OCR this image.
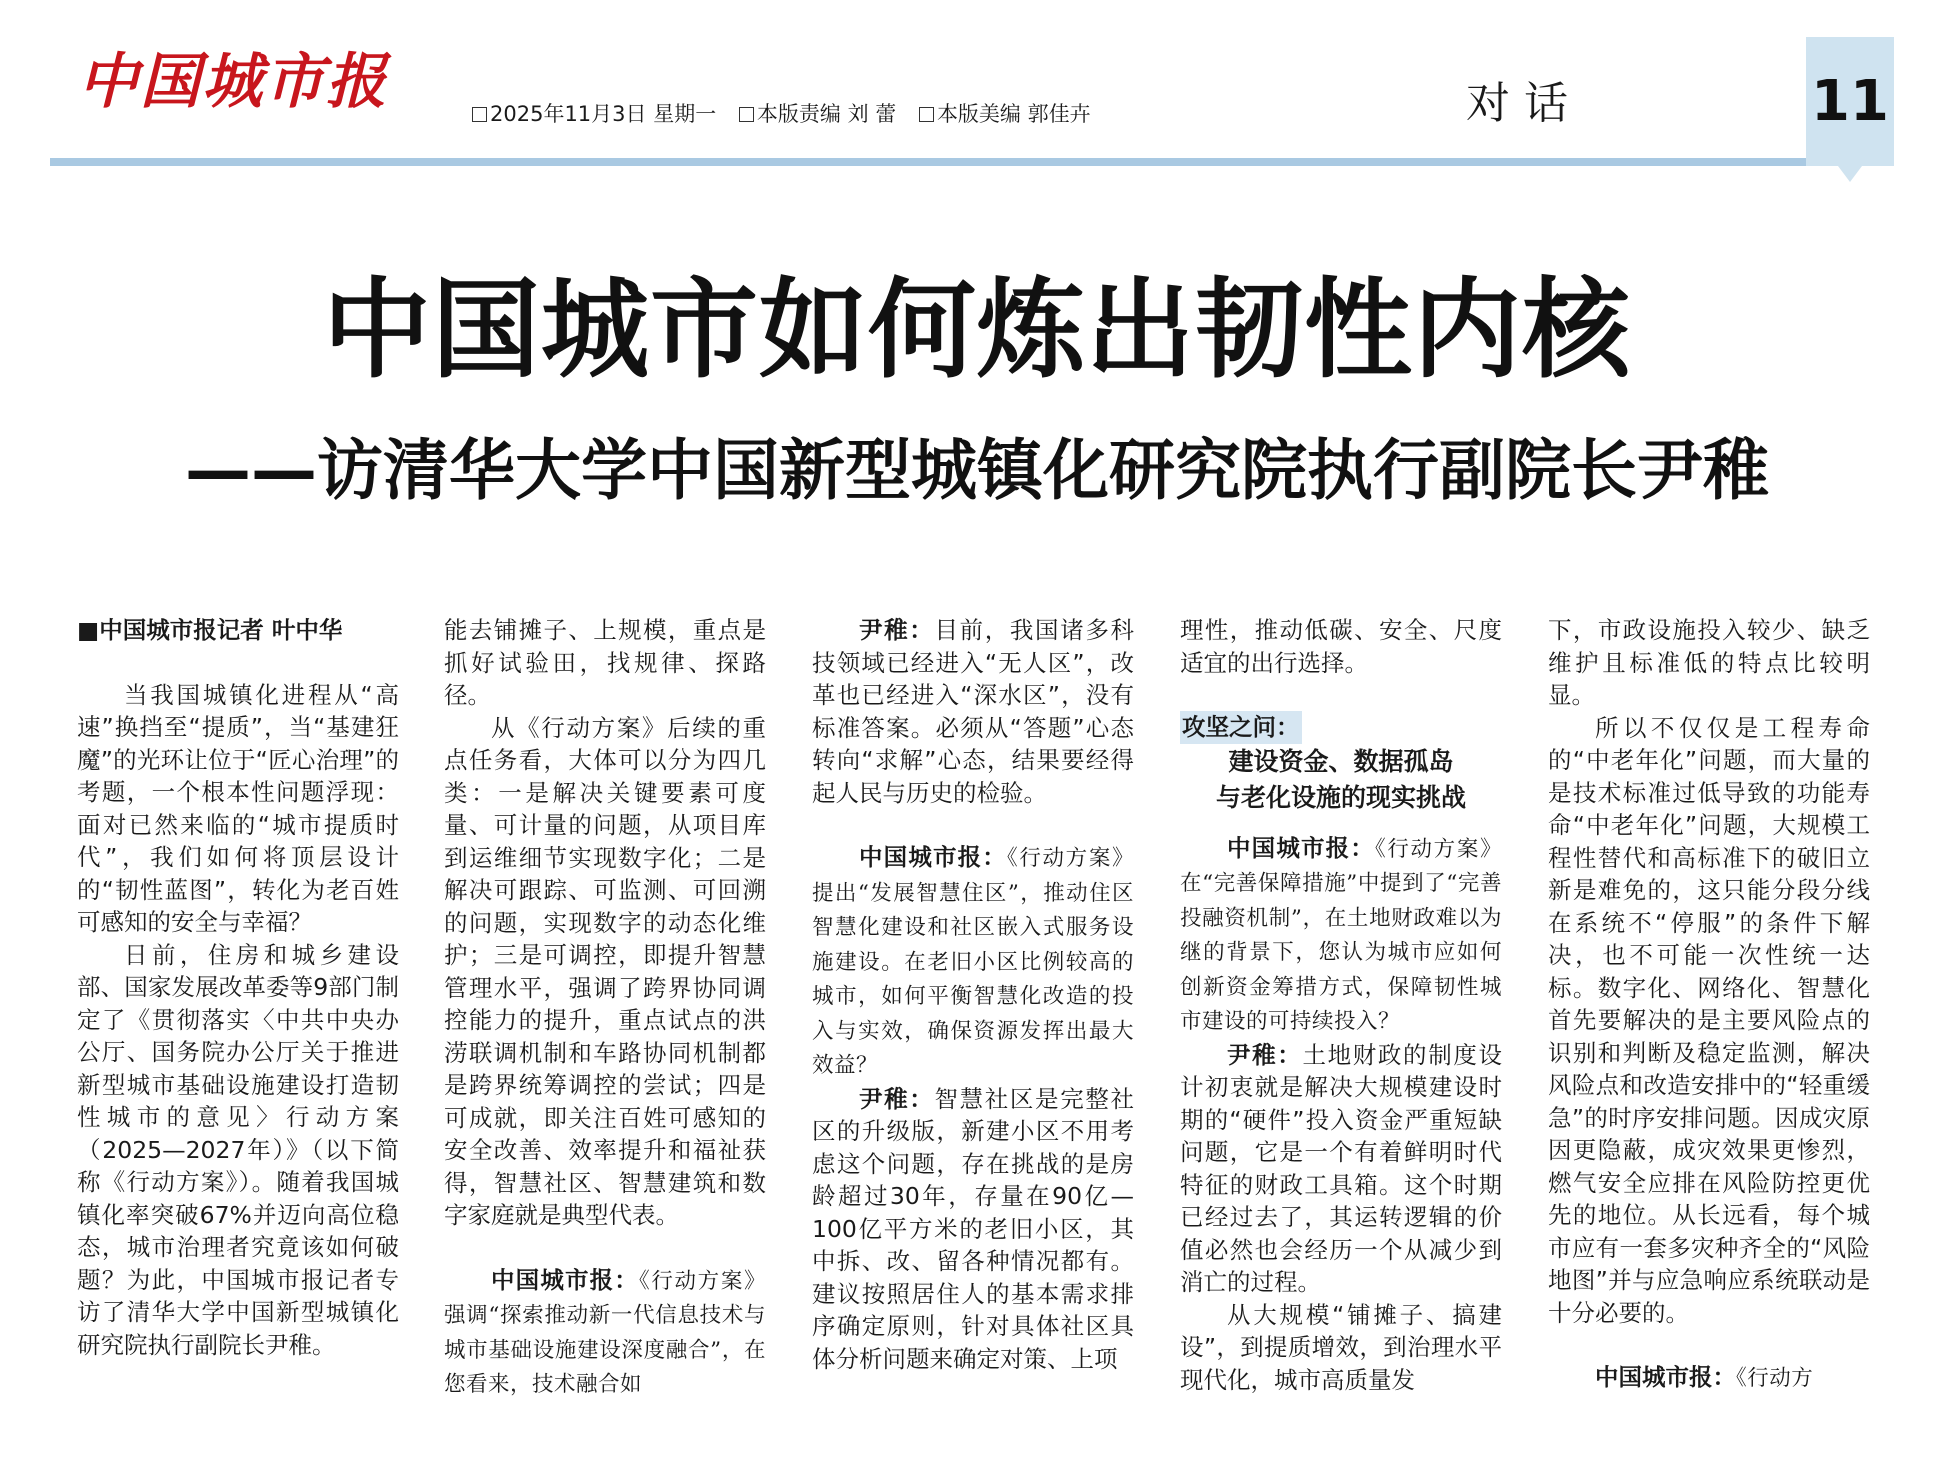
中国城市报	2025年11月3日 星期一 本版责编 刘 蕾 本版美编 郭佳卉	对话	11
中国城市如何炼出韧性内核
——访清华大学中国新型城镇化研究院执行副院长尹稚

■中国城市报记者 叶中华

当我国城镇化进程从“高速”换挡至“提质”，当“基建狂魔”的光环让位于“匠心治理”的考题，一个根本性问题浮现：面对已然来临的“城市提质时代”，我们如何将顶层设计的“韧性蓝图”，转化为老百姓可感知的安全与幸福？

日前，住房和城乡建设部、国家发展改革委等9部门制定了《贯彻落实〈中共中央办公厅、国务院办公厅关于推进新型城市基础设施建设打造韧性城市的意见〉行动方案（2025—2027年）》（以下简称《行动方案》）。随着我国城镇化率突破67%并迈向高位稳态，城市治理者究竟该如何破题？为此，中国城市报记者专访了清华大学中国新型城镇化研究院执行副院长尹稚。

能去铺摊子、上规模，重点是抓好试验田，找规律、探路径。

从《行动方案》后续的重点任务看，大体可以分为四几类：一是解决关键要素可度量、可计量的问题，从项目库到运维细节实现数字化；二是解决可跟踪、可监测、可回溯的问题，实现数字的动态化维护；三是可调控，即提升智慧管理水平，强调了跨界协同调控能力的提升，重点试点的洪涝联调机制和车路协同机制都是跨界统筹调控的尝试；四是可成就，即关注百姓可感知的安全改善、效率提升和福祉获得，智慧社区、智慧建筑和数字家庭就是典型代表。

中国城市报：《行动方案》强调“探索推动新一代信息技术与城市基础设施建设深度融合”，在您看来，技术融合如

尹稚：目前，我国诸多科技领域已经进入“无人区”，改革也已经进入“深水区”，没有标准答案。必须从“答题”心态转向“求解”心态，结果要经得起人民与历史的检验。

中国城市报：《行动方案》提出“发展智慧住区”，推动住区智慧化建设和社区嵌入式服务设施建设。在老旧小区比例较高的城市，如何平衡智慧化改造的投入与实效，确保资源发挥出最大效益？

尹稚：智慧社区是完整社区的升级版，新建小区不用考虑这个问题，存在挑战的是房龄超过30年，存量在90亿—100亿平方米的老旧小区，其中拆、改、留各种情况都有。建议按照居住人的基本需求排序确定原则，针对具体社区具体分析问题来确定对策、上项

理性，推动低碳、安全、尺度适宜的出行选择。

攻坚之问：

建设资金、数据孤岛
与老化设施的现实挑战

中国城市报：《行动方案》在“完善保障措施”中提到了“完善投融资机制”，在土地财政难以为继的背景下，您认为城市应如何创新资金筹措方式，保障韧性城市建设的可持续投入？

尹稚：土地财政的制度设计初衷就是解决大规模建设时期的“硬件”投入资金严重短缺问题，它是一个有着鲜明时代特征的财政工具箱。这个时期已经过去了，其运转逻辑的价值必然也会经历一个从减少到消亡的过程。

从大规模“铺摊子、搞建设”，到提质增效，到治理水平现代化，城市高质量发

下，市政设施投入较少、缺乏维护且标准低的特点比较明显。

所以不仅仅是工程寿命的“中老年化”问题，而大量的是技术标准过低导致的功能寿命“中老年化”问题，大规模工程性替代和高标准下的破旧立新是难免的，这只能分段分线在系统不“停服”的条件下解决，也不可能一次性统一达标。数字化、网络化、智慧化首先要解决的是主要风险点的识别和判断及稳定监测，解决风险点和改造安排中的“轻重缓急”的时序安排问题。因成灾原因更隐蔽，成灾效果更惨烈，燃气安全应排在风险防控更优先的地位。从长远看，每个城市应有一套多灾种齐全的“风险地图”并与应急响应系统联动是十分必要的。

中国城市报：《行动方
